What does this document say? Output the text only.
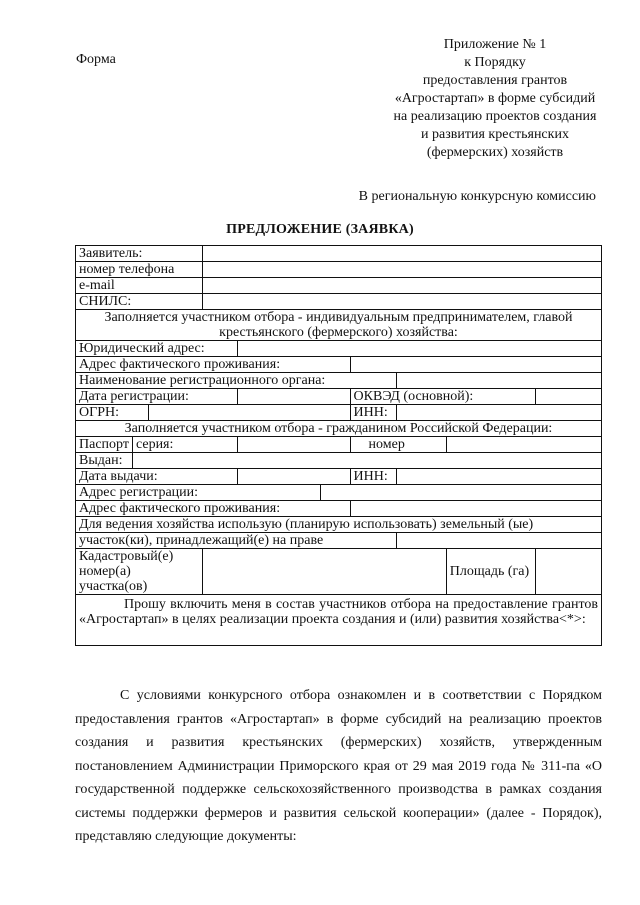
Форма
Приложение № 1
к Порядку
предоставления грантов
«Агростартап» в форме субсидий
на реализацию проектов создания
и развития крестьянских
(фермерских) хозяйств
В региональную конкурсную комиссию
ПРЕДЛОЖЕНИЕ (ЗАЯВКА)
Заявитель:									
номер телефона									
e-mail									
СНИЛС:									
Заполняется участником отбора - индивидуальным предпринимателем, главой крестьянского (фермерского) хозяйства:									
Юридический адрес:									
Адрес фактического проживания:									
Наименование регистрационного органа:									
Дата регистрации:						ОКВЭД (основной):			
ОГРН:						ИНН:			
Заполняется участником отбора - гражданином Российской Федерации:									
Паспорт	серия:					номер			
Выдан:									
Дата выдачи:						ИНН:			
Адрес регистрации:									
Адрес фактического проживания:									
Для ведения хозяйства использую (планирую использовать) земельный (ые)									
участок(ки), принадлежащий(е) на праве									
Кадастровый(е) номер(а) участка(ов)								Площадь (га)	
Прошу включить меня в состав участников отбора на предоставление грантов «Агростартап» в целях реализации проекта создания и (или) развития хозяйства<*>:									

С условиями конкурсного отбора ознакомлен и в соответствии с Порядком предоставления грантов «Агростартап» в форме субсидий на реализацию проектов создания и развития крестьянских (фермерских) хозяйств, утвержденным постановлением Администрации Приморского края от 29 мая 2019 года № 311-па «О государственной поддержке сельскохозяйственного производства в рамках создания системы поддержки фермеров и развития сельской кооперации» (далее - Порядок), представляю следующие документы:
